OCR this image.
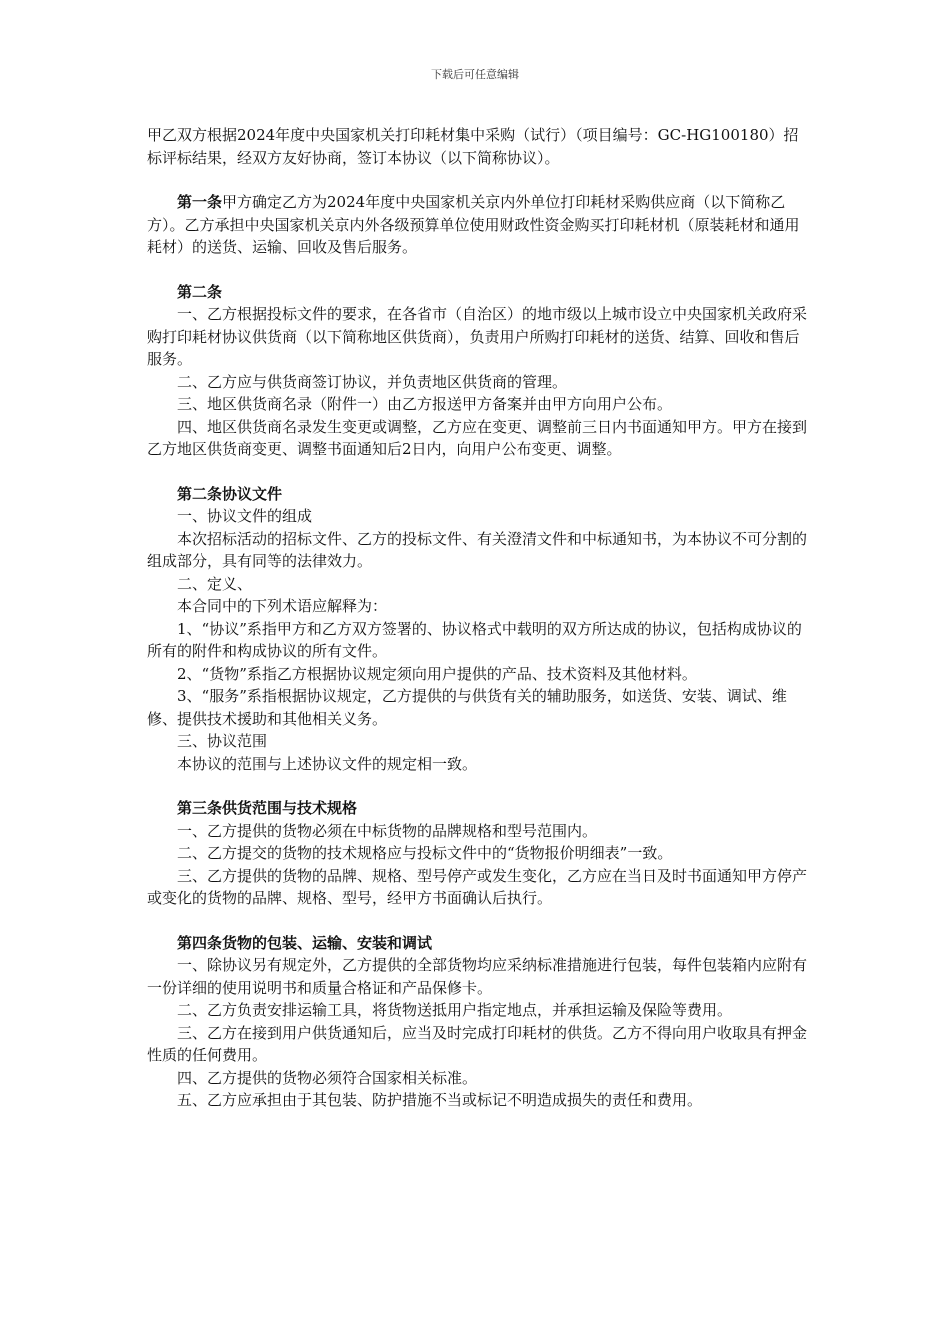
下载后可任意编辑

甲乙双方根据2024年度中央国家机关打印耗材集中采购（试行）（项目编号：GC-HG100180）招标评标结果，经双方友好协商，签订本协议（以下简称协议）。

第一条甲方确定乙方为2024年度中央国家机关京内外单位打印耗材采购供应商（以下简称乙方）。乙方承担中央国家机关京内外各级预算单位使用财政性资金购买打印耗材机（原装耗材和通用耗材）的送货、运输、回收及售后服务。

第二条

一、乙方根据投标文件的要求，在各省市（自治区）的地市级以上城市设立中央国家机关政府采购打印耗材协议供货商（以下简称地区供货商），负责用户所购打印耗材的送货、结算、回收和售后服务。

二、乙方应与供货商签订协议，并负责地区供货商的管理。

三、地区供货商名录（附件一）由乙方报送甲方备案并由甲方向用户公布。

四、地区供货商名录发生变更或调整，乙方应在变更、调整前三日内书面通知甲方。甲方在接到乙方地区供货商变更、调整书面通知后2日内，向用户公布变更、调整。

第二条协议文件

一、协议文件的组成

本次招标活动的招标文件、乙方的投标文件、有关澄清文件和中标通知书，为本协议不可分割的组成部分，具有同等的法律效力。

二、定义、

本合同中的下列术语应解释为：

1、“协议”系指甲方和乙方双方签署的、协议格式中载明的双方所达成的协议，包括构成协议的所有的附件和构成协议的所有文件。

2、“货物”系指乙方根据协议规定须向用户提供的产品、技术资料及其他材料。

3、“服务”系指根据协议规定，乙方提供的与供货有关的辅助服务，如送货、安装、调试、维修、提供技术援助和其他相关义务。

三、协议范围

本协议的范围与上述协议文件的规定相一致。

第三条供货范围与技术规格

一、乙方提供的货物必须在中标货物的品牌规格和型号范围内。

二、乙方提交的货物的技术规格应与投标文件中的“货物报价明细表”一致。

三、乙方提供的货物的品牌、规格、型号停产或发生变化，乙方应在当日及时书面通知甲方停产或变化的货物的品牌、规格、型号，经甲方书面确认后执行。

第四条货物的包装、运输、安装和调试

一、除协议另有规定外，乙方提供的全部货物均应采纳标准措施进行包装，每件包装箱内应附有一份详细的使用说明书和质量合格证和产品保修卡。

二、乙方负责安排运输工具，将货物送抵用户指定地点，并承担运输及保险等费用。

三、乙方在接到用户供货通知后，应当及时完成打印耗材的供货。乙方不得向用户收取具有押金性质的任何费用。

四、乙方提供的货物必须符合国家相关标准。

五、乙方应承担由于其包装、防护措施不当或标记不明造成损失的责任和费用。
